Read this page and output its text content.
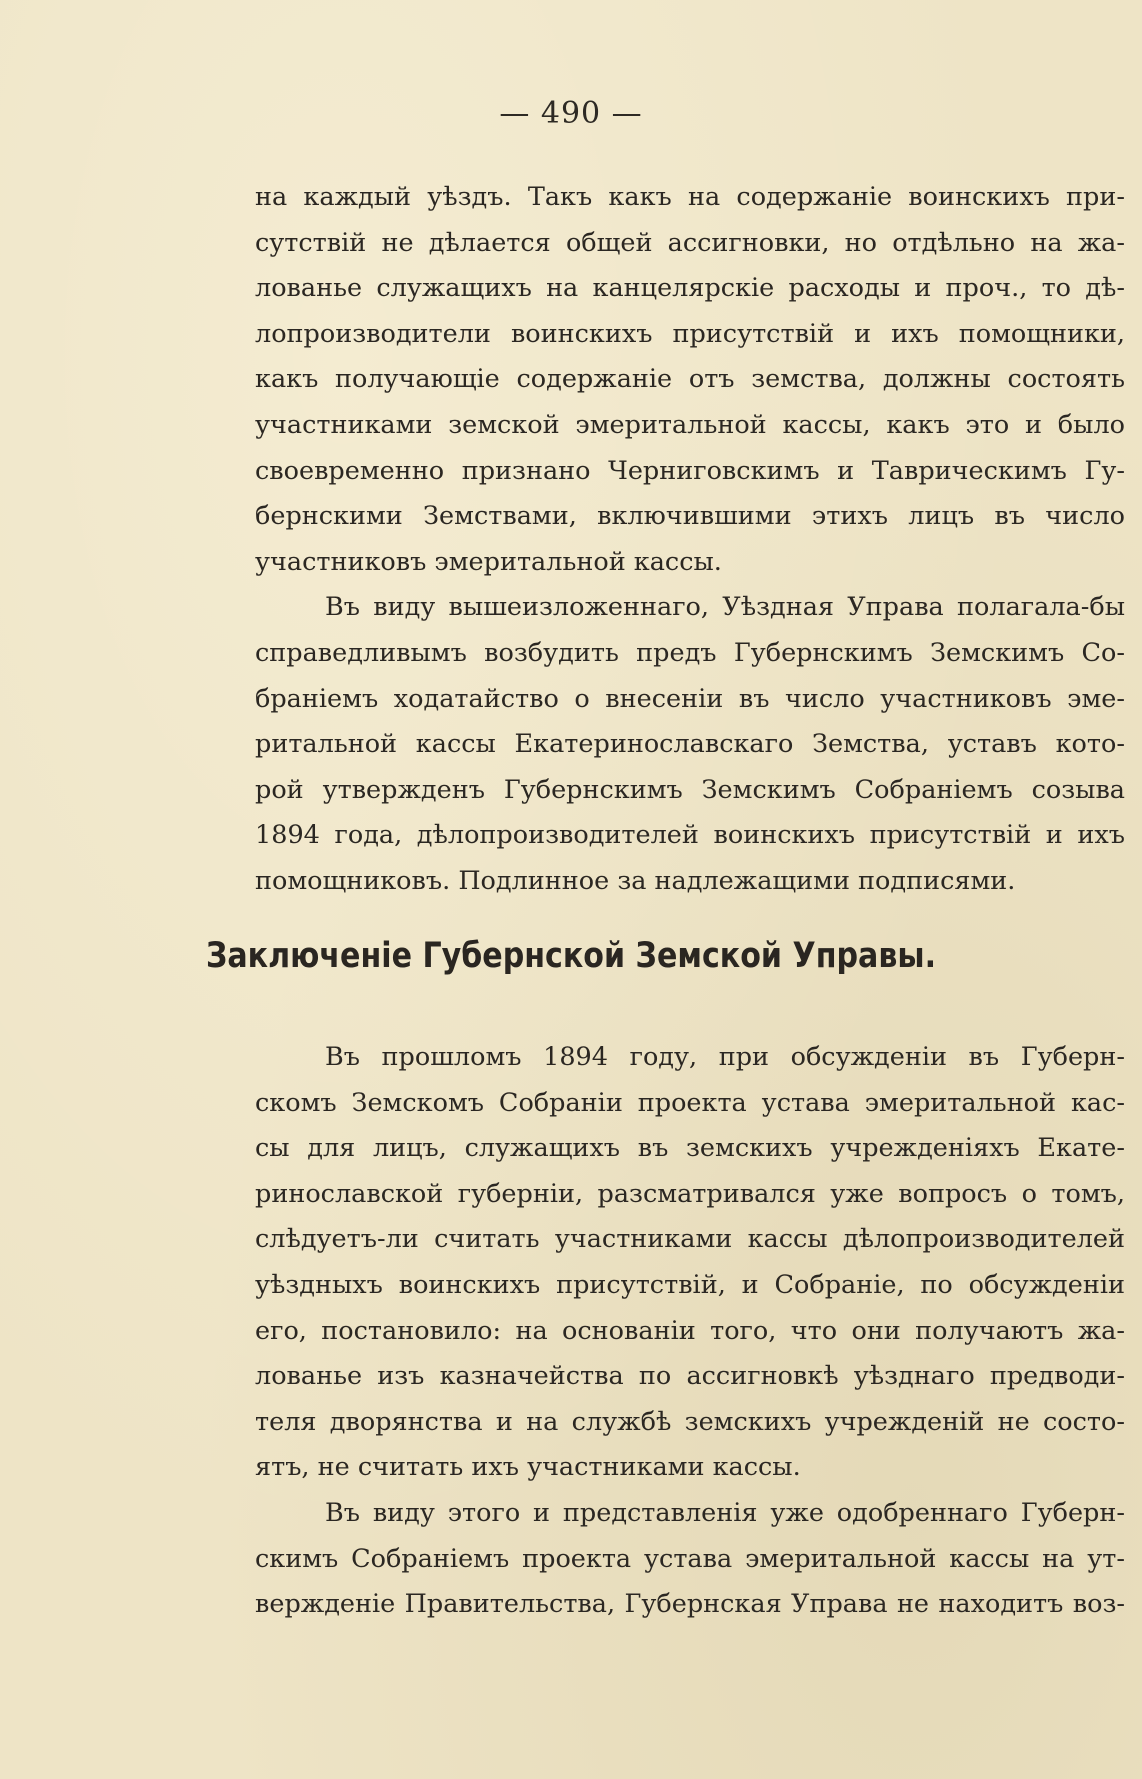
— 490 —
на каждый уѣздъ. Такъ какъ на содержаніе воинскихъ при-
сутствій не дѣлается общей ассигновки, но отдѣльно на жа-
лованье служащихъ на канцелярскіе расходы и проч., то дѣ-
лопроизводители воинскихъ присутствій и ихъ помощники,
какъ получающіе содержаніе отъ земства, должны состоять
участниками земской эмеритальной кассы, какъ это и было
своевременно признано Черниговскимъ и Таврическимъ Гу-
бернскими Земствами, включившими этихъ лицъ въ число
участниковъ эмеритальной кассы.
Въ виду вышеизложеннаго, Уѣздная Управа полагала-бы
справедливымъ возбудить предъ Губернскимъ Земскимъ Со-
браніемъ ходатайство о внесеніи въ число участниковъ эме-
ритальной кассы Екатеринославскаго Земства, уставъ кото-
рой утвержденъ Губернскимъ Земскимъ Собраніемъ созыва
1894 года, дѣлопроизводителей воинскихъ присутствій и ихъ
помощниковъ. Подлинное за надлежащими подписями.
Заключеніе Губернской Земской Управы.
Въ прошломъ 1894 году, при обсужденіи въ Губерн-
скомъ Земскомъ Собраніи проекта устава эмеритальной кас-
сы для лицъ, служащихъ въ земскихъ учрежденіяхъ Екате-
ринославской губерніи, разсматривался уже вопросъ о томъ,
слѣдуетъ-ли считать участниками кассы дѣлопроизводителей
уѣздныхъ воинскихъ присутствій, и Собраніе, по обсужденіи
его, постановило: на основаніи того, что они получаютъ жа-
лованье изъ казначейства по ассигновкѣ уѣзднаго предводи-
теля дворянства и на службѣ земскихъ учрежденій не состо-
ятъ, не считать ихъ участниками кассы.
Въ виду этого и представленія уже одобреннаго Губерн-
скимъ Собраніемъ проекта устава эмеритальной кассы на ут-
вержденіе Правительства, Губернская Управа не находитъ воз-
